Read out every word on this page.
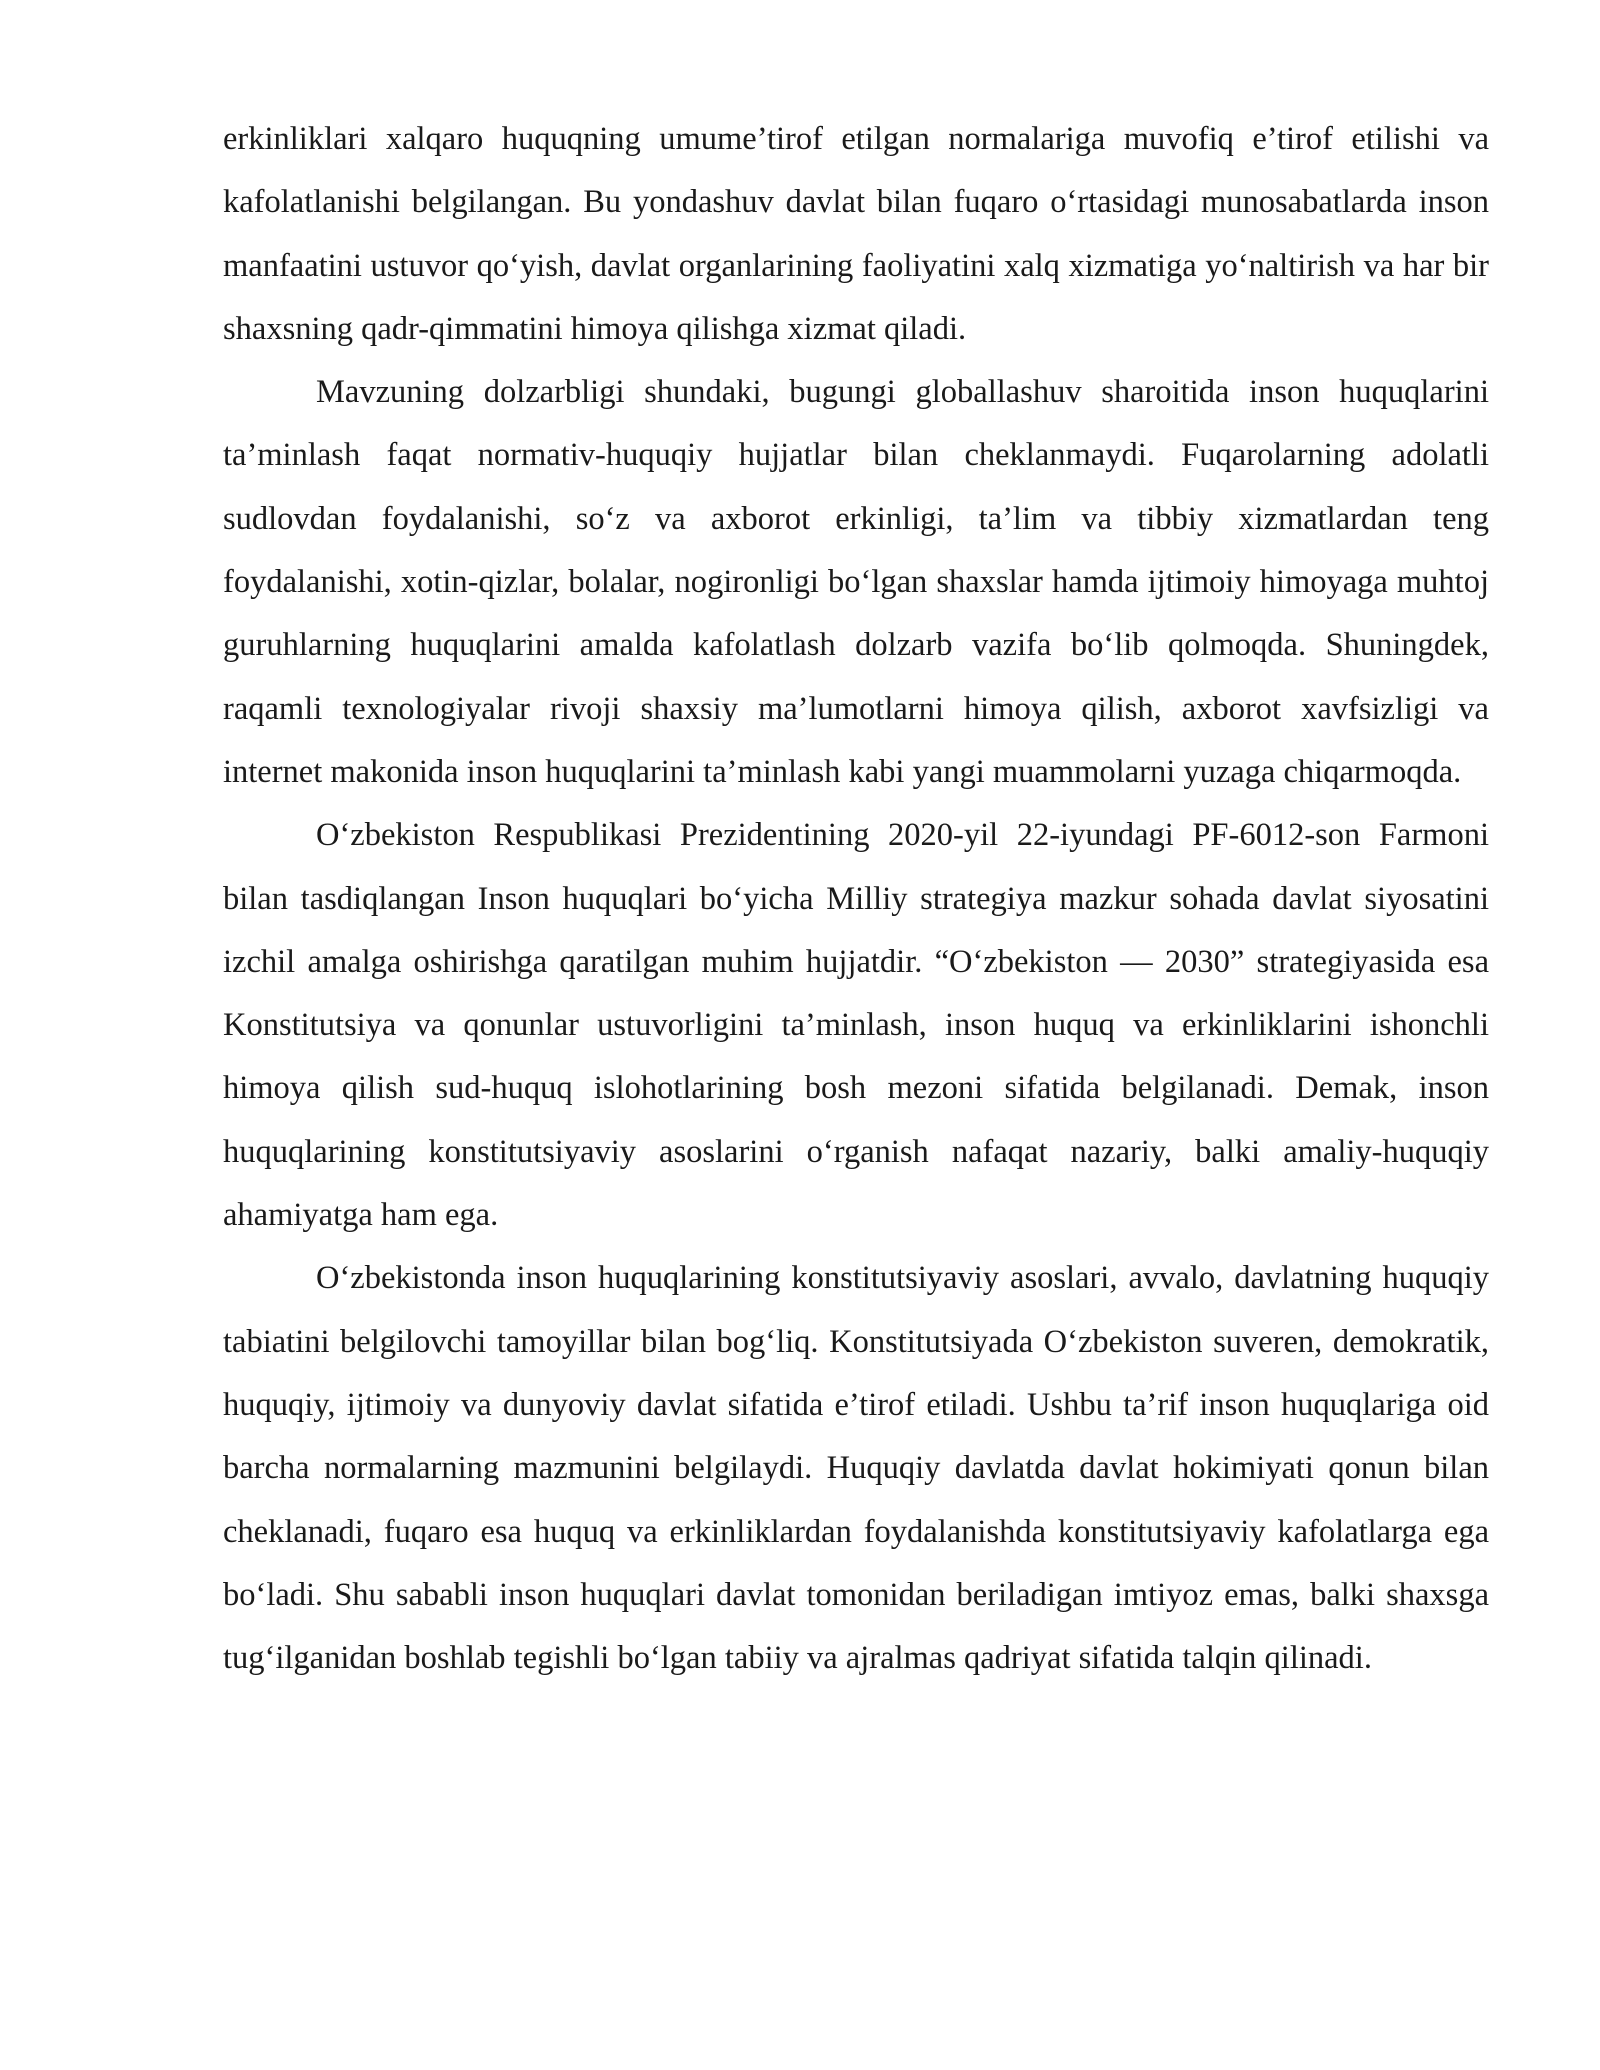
erkinliklari xalqaro huquqning umume’tirof etilgan normalariga muvofiq e’tirof etilishi va kafolatlanishi belgilangan. Bu yondashuv davlat bilan fuqaro o‘rtasidagi munosabatlarda inson manfaatini ustuvor qo‘yish, davlat organlarining faoliyatini xalq xizmatiga yo‘naltirish va har bir shaxsning qadr-qimmatini himoya qilishga xizmat qiladi.

Mavzuning dolzarbligi shundaki, bugungi globallashuv sharoitida inson huquqlarini ta’minlash faqat normativ-huquqiy hujjatlar bilan cheklanmaydi. Fuqarolarning adolatli sudlovdan foydalanishi, so‘z va axborot erkinligi, ta’lim va tibbiy xizmatlardan teng foydalanishi, xotin-qizlar, bolalar, nogironligi bo‘lgan shaxslar hamda ijtimoiy himoyaga muhtoj guruhlarning huquqlarini amalda kafolatlash dolzarb vazifa bo‘lib qolmoqda. Shuningdek, raqamli texnologiyalar rivoji shaxsiy ma’lumotlarni himoya qilish, axborot xavfsizligi va internet makonida inson huquqlarini ta’minlash kabi yangi muammolarni yuzaga chiqarmoqda.

O‘zbekiston Respublikasi Prezidentining 2020-yil 22-iyundagi PF-6012-son Farmoni bilan tasdiqlangan Inson huquqlari bo‘yicha Milliy strategiya mazkur sohada davlat siyosatini izchil amalga oshirishga qaratilgan muhim hujjatdir. “O‘zbekiston — 2030” strategiyasida esa Konstitutsiya va qonunlar ustuvorligini ta’minlash, inson huquq va erkinliklarini ishonchli himoya qilish sud-huquq islohotlarining bosh mezoni sifatida belgilanadi. Demak, inson huquqlarining konstitutsiyaviy asoslarini o‘rganish nafaqat nazariy, balki amaliy-huquqiy ahamiyatga ham ega.

O‘zbekistonda inson huquqlarining konstitutsiyaviy asoslari, avvalo, davlatning huquqiy tabiatini belgilovchi tamoyillar bilan bog‘liq. Konstitutsiyada O‘zbekiston suveren, demokratik, huquqiy, ijtimoiy va dunyoviy davlat sifatida e’tirof etiladi. Ushbu ta’rif inson huquqlariga oid barcha normalarning mazmunini belgilaydi. Huquqiy davlatda davlat hokimiyati qonun bilan cheklanadi, fuqaro esa huquq va erkinliklardan foydalanishda konstitutsiyaviy kafolatlarga ega bo‘ladi. Shu sababli inson huquqlari davlat tomonidan beriladigan imtiyoz emas, balki shaxsga tug‘ilganidan boshlab tegishli bo‘lgan tabiiy va ajralmas qadriyat sifatida talqin qilinadi.
